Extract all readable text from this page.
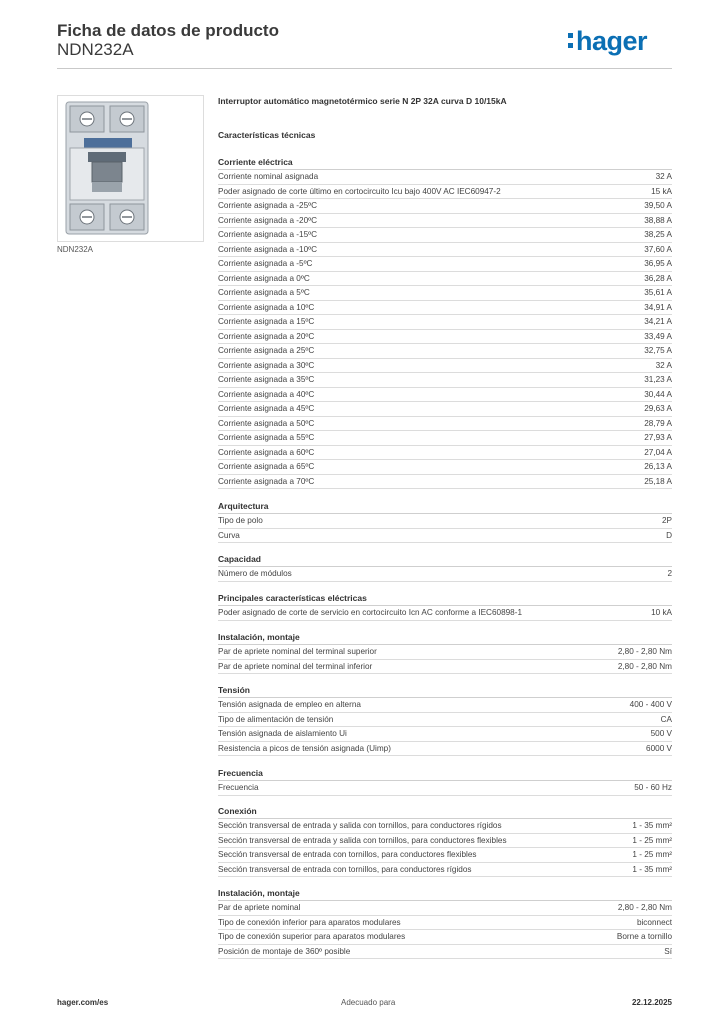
Ficha de datos de producto
NDN232A	hager
NDN232A
Interruptor automático magnetotérmico serie N 2P 32A curva D 10/15kA
Características técnicas
Corriente eléctrica
Corriente nominal asignada	32 A
Poder asignado de corte último en cortocircuito Icu bajo 400V AC IEC60947-2	15 kA
Corriente asignada a -25ºC	39,50 A
Corriente asignada a -20ºC	38,88 A
Corriente asignada a -15ºC	38,25 A
Corriente asignada a -10ºC	37,60 A
Corriente asignada a -5ºC	36,95 A
Corriente asignada a 0ºC	36,28 A
Corriente asignada a 5ºC	35,61 A
Corriente asignada a 10ºC	34,91 A
Corriente asignada a 15ºC	34,21 A
Corriente asignada a 20ºC	33,49 A
Corriente asignada a 25ºC	32,75 A
Corriente asignada a 30ºC	32 A
Corriente asignada a 35ºC	31,23 A
Corriente asignada a 40ºC	30,44 A
Corriente asignada a 45ºC	29,63 A
Corriente asignada a 50ºC	28,79 A
Corriente asignada a 55ºC	27,93 A
Corriente asignada a 60ºC	27,04 A
Corriente asignada a 65ºC	26,13 A
Corriente asignada a 70ºC	25,18 A
Arquitectura
Tipo de polo	2P
Curva	D
Capacidad
Número de módulos	2
Principales características eléctricas
Poder asignado de corte de servicio en cortocircuito Icn AC conforme a IEC60898-1	10 kA
Instalación, montaje
Par de apriete nominal del terminal superior	2,80 - 2,80 Nm
Par de apriete nominal del terminal inferior	2,80 - 2,80 Nm
Tensión
Tensión asignada de empleo en alterna	400 - 400 V
Tipo de alimentación de tensión	CA
Tensión asignada de aislamiento Ui	500 V
Resistencia a picos de tensión asignada (Uimp)	6000 V
Frecuencia
Frecuencia	50 - 60 Hz
Conexión
Sección transversal de entrada y salida con tornillos, para conductores rígidos	1 - 35 mm²
Sección transversal de entrada y salida con tornillos, para conductores flexibles	1 - 25 mm²
Sección transversal de entrada con tornillos, para conductores flexibles	1 - 25 mm²
Sección transversal de entrada con tornillos, para conductores rígidos	1 - 35 mm²
Instalación, montaje
Par de apriete nominal	2,80 - 2,80 Nm
Tipo de conexión inferior para aparatos modulares	biconnect
Tipo de conexión superior para aparatos modulares	Borne a tornillo
Posición de montaje de 360º posible	Sí
hager.com/es	Adecuado para	22.12.2025
